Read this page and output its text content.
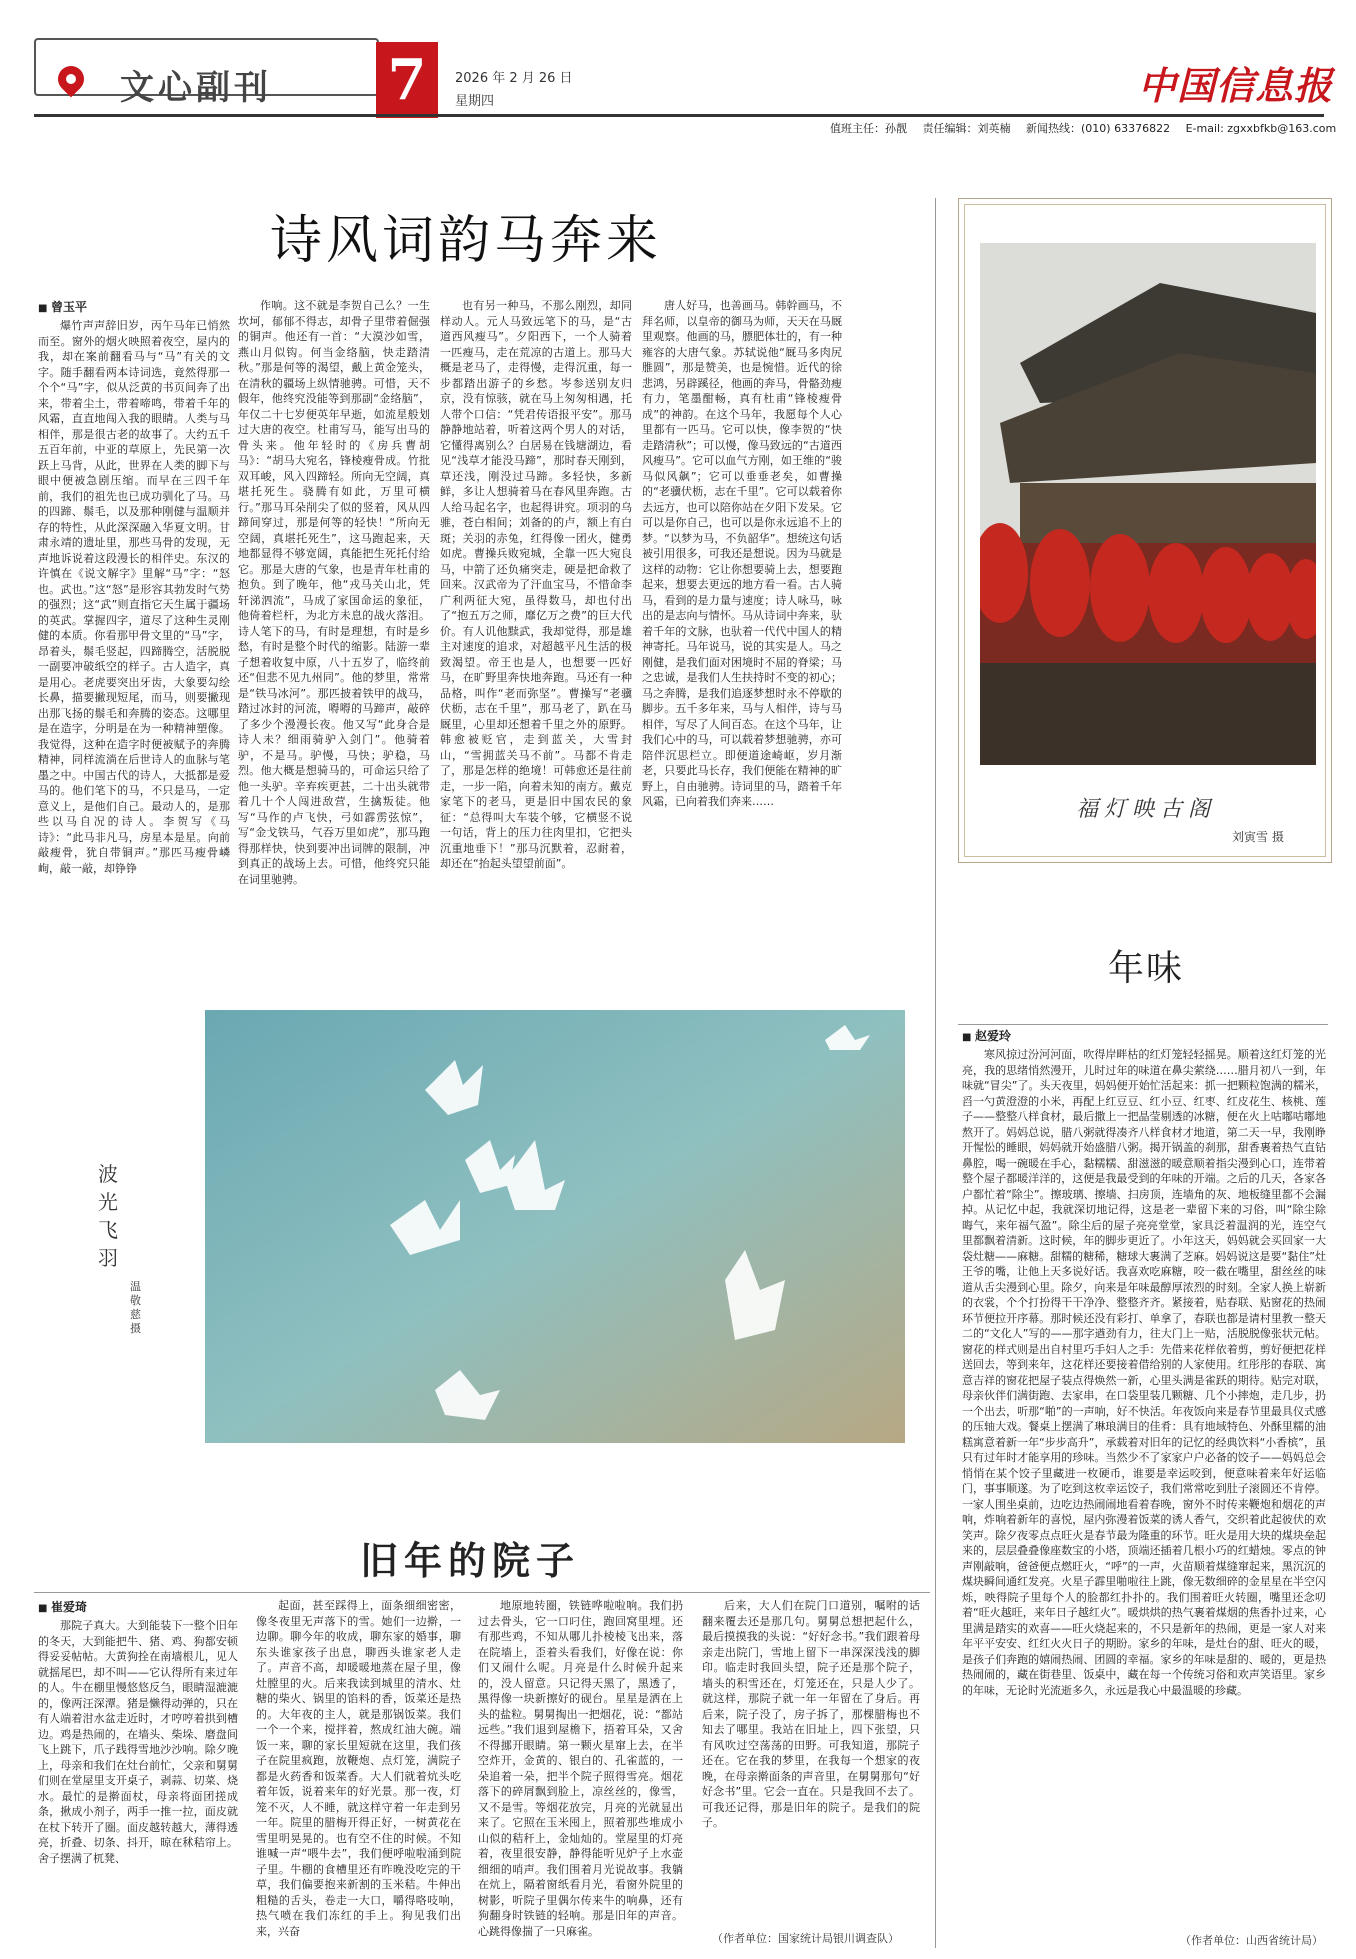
文心副刊 7	2026 年 2 月 26 日
星期四	中国信息报
值班主任：孙靓 责任编辑：刘英楠 新闻热线：(010) 63376822 E-mail: zgxxbfkb@163.com
诗风词韵马奔来
■ 曾玉平

爆竹声声辞旧岁，丙午马年已悄然而至。窗外的烟火映照着夜空，屋内的我，却在案前翻看马与“马”有关的文字。随手翻看两本诗词选，竟然得那一个个“马”字，似从泛黄的书页间奔了出来，带着尘土，带着啼鸣，带着千年的风霜，直直地闯入我的眼睛。人类与马相伴，那是很古老的故事了。大约五千五百年前，中亚的草原上，先民第一次跃上马背，从此，世界在人类的脚下与眼中便被急剧压缩。而早在三四千年前，我们的祖先也已成功驯化了马。马的四蹄、鬃毛，以及那种刚健与温顺并存的特性，从此深深融入华夏文明。甘肃永靖的遗址里，那些马骨的发现，无声地诉说着这段漫长的相伴史。东汉的许慎在《说文解字》里解“马”字：“怒也。武也。”这“怒”是形容其勃发时气势的强烈；这“武”则直指它天生属于疆场的英武。掌握四字，道尽了这种生灵刚健的本质。你看那甲骨文里的“马”字，昂着头，鬃毛竖起，四蹄腾空，活脱脱一副要冲破纸空的样子。古人造字，真是用心。老虎要突出牙齿，大象要勾绘长鼻，描要撇现短尾，而马，则要撇现出那飞扬的鬃毛和奔腾的姿态。这哪里是在造字，分明是在为一种精神塑像。我觉得，这种在造字时便被赋予的奔腾精神，同样流淌在后世诗人的血脉与笔墨之中。中国古代的诗人，大抵都是爱马的。他们笔下的马，不只是马，一定意义上，是他们自己。最动人的，是那些以马自况的诗人。李贺写《马诗》：“此马非凡马，房星本是星。向前敲瘦骨，犹自带铜声。”那匹马瘦骨嶙峋，敲一敲，却铮铮

作响。这不就是李贺自己么？一生坎坷，郁郁不得志，却骨子里带着倔强的铜声。他还有一首：“大漠沙如雪，燕山月似钩。何当金络脑，快走踏清秋。”那是何等的渴望，戴上黄金笼头，在清秋的疆场上纵情驰骋。可惜，天不假年，他终究没能等到那副“金络脑”，年仅二十七岁便英年早逝，如流星般划过大唐的夜空。杜甫写马，能写出马的骨头来。他年轻时的《房兵曹胡马》：“胡马大宛名，锋棱瘦骨成。竹批双耳峻，风入四蹄轻。所向无空阔，真堪托死生。骁腾有如此，万里可横行。”那马耳朵削尖了似的竖着，风从四蹄间穿过，那是何等的轻快！“所向无空阔，真堪托死生”，这马跑起来，天地都显得不够宽阔，真能把生死托付给它。那是大唐的气象，也是青年杜甫的抱负。到了晚年，他“戎马关山北，凭轩涕泗流”，马成了家国命运的象征，他倚着栏杆，为北方未息的战火落泪。诗人笔下的马，有时是理想，有时是乡愁，有时是整个时代的缩影。陆游一辈子想着收复中原，八十五岁了，临终前还“但悲不见九州同”。他的梦里，常常是“铁马冰河”。那匹披着铁甲的战马，踏过冰封的河流，嘚嘚的马蹄声，敲碎了多少个漫漫长夜。他又写“此身合是诗人未？细雨骑驴入剑门”。他骑着驴，不是马。驴慢，马快；驴稳，马烈。他大概是想骑马的，可命运只给了他一头驴。辛弃疾更甚，二十出头就带着几十个人闯进敌营，生擒叛徒。他写“马作的卢飞快，弓如霹雳弦惊”，写“金戈铁马，气吞万里如虎”，那马跑得那样快，快到要冲出词牌的限制，冲到真正的战场上去。可惜，他终究只能在词里驰骋。

也有另一种马，不那么刚烈，却同样动人。元人马致远笔下的马，是“古道西风瘦马”。夕阳西下，一个人骑着一匹瘦马，走在荒凉的古道上。那马大概是老马了，走得慢，走得沉重，每一步都踏出游子的乡愁。岑参送别友归京，没有惊骇，就在马上匆匆相遇，托人带个口信：“凭君传语报平安”。那马静静地站着，听着这两个男人的对话，它懂得离别么？白居易在钱塘湖边，看见“浅草才能没马蹄”，那时春天刚到，草还浅，刚没过马蹄。多轻快，多新鲜，多让人想骑着马在春风里奔跑。古人给马起名字，也起得讲究。项羽的乌骓，苍白相间；刘备的的卢，额上有白斑；关羽的赤兔，红得像一团火，健勇如虎。曹操兵败宛城，全靠一匹大宛良马，中箭了还负痛突走，硬是把命救了回来。汉武帝为了汗血宝马，不惜命李广利两征大宛，虽得数马，却也付出了“抱五万之师，靡亿万之费”的巨大代价。有人讥他黩武，我却觉得，那是雄主对速度的追求，对超越平凡生活的极致渴望。帝王也是人，也想要一匹好马，在旷野里奔快地奔跑。马还有一种品格，叫作“老而弥坚”。曹操写“老骥伏枥，志在千里”，那马老了，趴在马厩里，心里却还想着千里之外的原野。韩愈被贬官，走到蓝关，大雪封山，“雪拥蓝关马不前”。马都不肯走了，那是怎样的绝境！可韩愈还是往前走，一步一陷，向着未知的南方。戴克家笔下的老马，更是旧中国农民的象征：“总得叫大车装个够，它横竖不说一句话，背上的压力往肉里扣，它把头沉重地垂下！”那马沉默着，忍耐着，却还在“抬起头望望前面”。

唐人好马，也善画马。韩幹画马，不拜名师，以皇帝的御马为师，天天在马厩里观察。他画的马，膘肥体壮的，有一种雍容的大唐气象。苏轼说他“厩马多肉尻脽圆”，那是赞美，也是惋惜。近代的徐悲鸿，另辟蹊径，他画的奔马，骨骼劲瘦有力，笔墨酣畅，真有杜甫“锋棱瘦骨成”的神韵。在这个马年，我愿每个人心里都有一匹马。它可以快，像李贺的“快走踏清秋”；可以慢，像马致远的“古道西风瘦马”。它可以血气方刚，如王维的“骏马似风飙”；它可以垂垂老矣，如曹操的“老骥伏枥，志在千里”。它可以载着你去远方，也可以陪你站在夕阳下发呆。它可以是你自己，也可以是你永远追不上的梦。“以梦为马，不负韶华”。想统这句话被引用很多，可我还是想说。因为马就是这样的动物：它让你想要骑上去，想要跑起来，想要去更远的地方看一看。古人骑马，看到的是力量与速度；诗人咏马，咏出的是志向与情怀。马从诗词中奔来，驮着千年的文脉，也驮着一代代中国人的精神寄托。马年说马，说的其实是人。马之刚健，是我们面对困境时不屈的脊梁；马之忠诚，是我们人生扶持时不变的初心；马之奔腾，是我们追逐梦想时永不停歇的脚步。五千多年来，马与人相伴，诗与马相伴，写尽了人间百态。在这个马年，让我们心中的马，可以载着梦想驰骋，亦可陪伴沉思栏立。即便道途崎岖，岁月渐老，只要此马长存，我们便能在精神的旷野上，自由驰骋。诗词里的马，踏着千年风霜，已向着我们奔来……	福灯映古阁
刘寅雪 摄
年味
■ 赵爱玲

寒风掠过汾河河面，吹得岸畔枯的红灯笼轻轻摇晃。顺着这红灯笼的光亮，我的思绪悄然漫开，儿时过年的味道在鼻尖萦绕……腊月初八一到，年味就“冒尖”了。头天夜里，妈妈便开始忙活起来：抓一把颗粒饱满的糯米，舀一勺黄澄澄的小米，再配上红豆豆、红小豆、红枣、红皮花生、核桃、莲子——整整八样食材，最后撒上一把晶莹剔透的冰糖，便在火上咕嘟咕嘟地熬开了。妈妈总说，腊八粥就得凑齐八样食材才地道，第二天一早，我刚睁开惺忪的睡眼，妈妈就开始盛腊八粥。揭开锅盖的刹那，甜香裹着热气直钻鼻腔，喝一碗暖在手心，黏糯糯、甜滋滋的暖意顺着指尖漫到心口，连带着整个屋子都暖洋洋的，这便是我最受到的年味的开端。之后的几天，各家各户都忙着“除尘”。擦玻璃、擦墙、扫房顶，连墙角的灰、地板缝里都不会漏掉。从记忆中起，我就深切地记得，这是老一辈留下来的习俗，叫“除尘除晦气，来年福气盈”。除尘后的屋子亮亮堂堂，家具泛着温润的光，连空气里都飘着清新。这时候，年的脚步更近了。小年这天，妈妈就会买回家一大袋灶糖——麻糖。甜糯的糖稀，糖球大裹满了芝麻。妈妈说这是要“黏住”灶王爷的嘴，让他上天多说好话。我喜欢吃麻糖，咬一截在嘴里，甜丝丝的味道从舌尖漫到心里。除夕，向来是年味最醇厚浓烈的时刻。全家人换上崭新的衣裳，个个打扮得干干净净、整整齐齐。紧接着，贴春联、贴窗花的热闹环节便拉开序幕。那时候还没有彩打、单拿了，春联也都是请村里教一整天二的“文化人”写的——那字遒劲有力，往大门上一贴，活脱脱像张状元帖。窗花的样式则是出自村里巧手妇人之手：先借来花样依着剪，剪好便把花样送回去，等到来年，这花样还要接着借给别的人家使用。红彤彤的春联、寓意吉祥的窗花把屋子装点得焕然一新，心里头满是雀跃的期待。贴完对联，母亲伙伴们满街跑、去家串，在口袋里装几颗糖、几个小摔炮，走几步，扔一个出去，听那“啪”的一声响，好不快活。年夜饭向来是春节里最具仪式感的压轴大戏。餐桌上摆满了琳琅满目的佳肴：具有地域特色、外酥里糯的油糕寓意着新一年“步步高升”，承载着对旧年的记忆的经典饮料“小香槟”，虽只有过年时才能享用的珍味。当然少不了家家户户必备的饺子——妈妈总会悄悄在某个饺子里藏进一枚硬币，谁要是幸运咬到，便意味着来年好运临门，事事顺遂。为了吃到这枚幸运饺子，我们常常吃到肚子滚圆还不肯停。一家人围坐桌前，边吃边热闹闹地看着春晚，窗外不时传来鞭炮和烟花的声响，炸响着新年的喜悦，屋内弥漫着饭菜的诱人香气，交织着此起彼伏的欢笑声。除夕夜零点点旺火是春节最为隆重的环节。旺火是用大块的煤块垒起来的，层层叠叠像座数宝的小塔，顶端还插着几根小巧的红蜡烛。零点的钟声刚敲响，爸爸便点燃旺火，“呼”的一声，火苗顺着煤缝窜起来，黑沉沉的煤块瞬间通红发亮。火星子霹里啪啦往上跳，像无数细碎的金星星在半空闪烁，映得院子里每个人的脸都红扑扑的。我们围着旺火转圈，嘴里还念叨着“旺火越旺，来年日子越红火”。暖烘烘的热气裹着煤烟的焦香扑过来，心里满是踏实的欢喜——旺火烧起来的，不只是新年的热闹，更是一家人对来年平平安安、红红火火日子的期盼。家乡的年味，是灶台的甜、旺火的暖，是孩子们奔跑的嬉闹热闹、团圆的幸福。家乡的年味是甜的、暖的，更是热热闹闹的，藏在街巷里、饭桌中，藏在每一个传统习俗和欢声笑语里。家乡的年味，无论时光流逝多久，永远是我心中最温暖的珍藏。

（作者单位：山西省统计局）
波光飞羽
温敬慈 摄
旧年的院子
■ 崔爱琦

那院子真大。大到能装下一整个旧年的冬天，大到能把牛、猪、鸡、狗都安顿得妥妥帖帖。大黄狗拴在南墙根儿，见人就摇尾巴，却不叫——它认得所有来过年的人。牛在棚里慢悠悠反刍，眼睛湿漉漉的，像两汪深潭。猪是懒得动弹的，只在有人端着泔水盆走近时，才哼哼着拱到槽边。鸡是热闹的，在墙头、柴垛、磨盘间飞上跳下，爪子践得雪地沙沙响。除夕晚上，母亲和我们在灶台前忙，父亲和舅舅们则在堂屋里支开桌子，剥蒜、切菜、烧水。最忙的是擀面杖，母亲将面团搓成条，揪成小剂子，两手一推一拉，面皮就在杖下转开了圈。面皮越转越大，薄得透亮，折叠、切条、抖开，晾在秫秸帘上。舍子摆满了杌凳、

起面，甚至踩得上，面条细细密密，像冬夜里无声落下的雪。她们一边擀，一边聊。聊今年的收成，聊东家的婚事，聊东头谁家孩子出息，聊西头谁家老人走了。声音不高，却暖暖地蒸在屋子里，像灶膛里的火。后来我读到城里的清水、灶糖的柴火、锅里的馅料的香，饭菜还是热的。大年夜的主人，就是那锅饭菜。我们一个一个来，搅拌着，熬成红油大碗。端饭一来，聊的家长里短就在这里，我们孩子在院里疯跑，放鞭炮、点灯笼，满院子都是火药香和饭菜香。大人们就着炕头吃着年饭，说着来年的好光景。那一夜，灯笼不灭，人不睡，就这样守着一年走到另一年。院里的腊梅开得正好，一树黄花在雪里明晃晃的。也有空不住的时候。不知谁喊一声“喂牛去”，我们便呼啦啦涌到院子里。牛棚的食槽里还有昨晚没吃完的干草，我们偏要抱来新割的玉米秸。牛伸出粗糙的舌头，卷走一大口，嚼得咯吱响，热气喷在我们冻红的手上。狗见我们出来，兴奋

地原地转圈，铁链哗啦啦响。我们扔过去骨头，它一口叼住，跑回窝里埋。还有那些鸡，不知从哪儿扑棱棱飞出来，落在院墙上，歪着头看我们，好像在说：你们又闹什么呢。月亮是什么时候升起来的，没人留意。只记得天黑了，黑透了，黑得像一块新擦好的砚台。星星是洒在上头的盐粒。舅舅掏出一把烟花，说：“都站远些。”我们退到屋檐下，捂着耳朵，又舍不得挪开眼睛。第一颗火星窜上去，在半空炸开，金黄的、银白的、孔雀蓝的，一朵追着一朵，把半个院子照得雪亮。烟花落下的碎屑飘到脸上，凉丝丝的，像雪，又不是雪。等烟花放完，月亮的光就显出来了。它照在玉米囤上，照着那些堆成小山似的秸秆上，金灿灿的。堂屋里的灯亮着，夜里很安静，静得能听见炉子上水壶细细的哨声。我们围着月光说故事。我躺在炕上，隔着窗纸看月光，看窗外院里的树影，听院子里偶尔传来牛的响鼻，还有狗翻身时铁链的轻响。那是旧年的声音。心跳得像揣了一只麻雀。

后来，大人们在院门口道别，嘱咐的话翻来覆去还是那几句。舅舅总想把起什么，最后摸摸我的头说：“好好念书。”我们跟着母亲走出院门，雪地上留下一串深深浅浅的脚印。临走时我回头望，院子还是那个院子，墙头的积雪还在，灯笼还在，只是人少了。就这样，那院子就一年一年留在了身后。再后来，院子没了，房子拆了，那棵腊梅也不知去了哪里。我站在旧址上，四下张望，只有风吹过空荡荡的田野。可我知道，那院子还在。它在我的梦里，在我每一个想家的夜晚，在母亲擀面条的声音里，在舅舅那句“好好念书”里。它会一直在。只是我回不去了。可我还记得，那是旧年的院子。是我们的院子。

（作者单位：国家统计局银川调查队）
